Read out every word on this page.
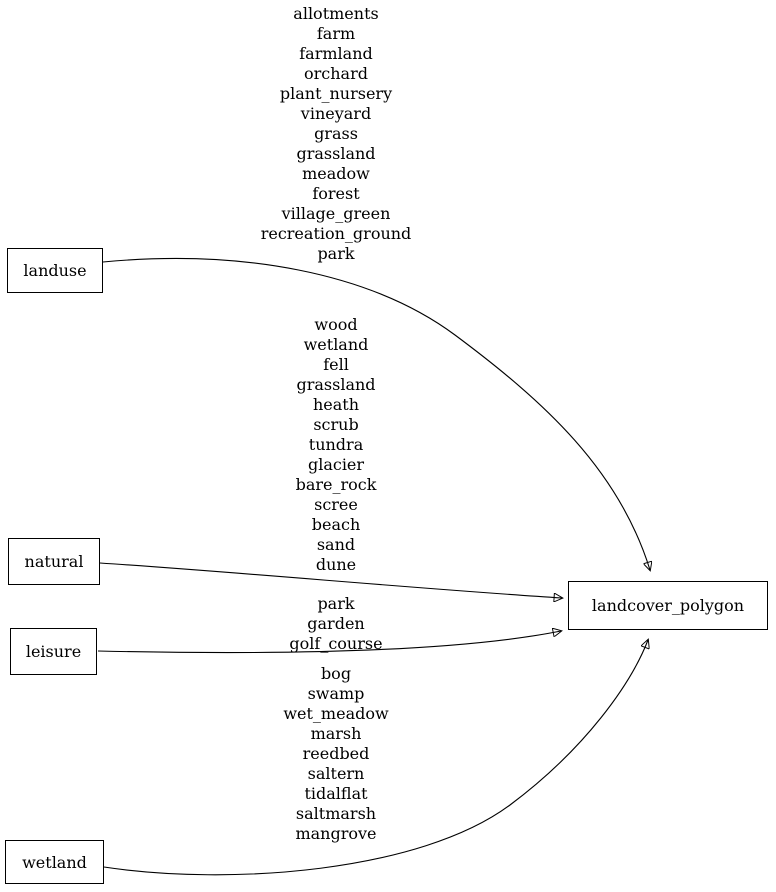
allotments
farm
farmland
orchard
plant_nursery
vineyard
grass
grassland
meadow
forest
village_green
recreation_ground
park
wood
wetland
fell
grassland
heath
scrub
tundra
glacier
bare_rock
scree
beach
sand
dune
park
garden
golf_course
bog
swamp
wet_meadow
marsh
reedbed
saltern
tidalflat
saltmarsh
mangrove
landuse
natural
leisure
wetland
landcover_polygon
